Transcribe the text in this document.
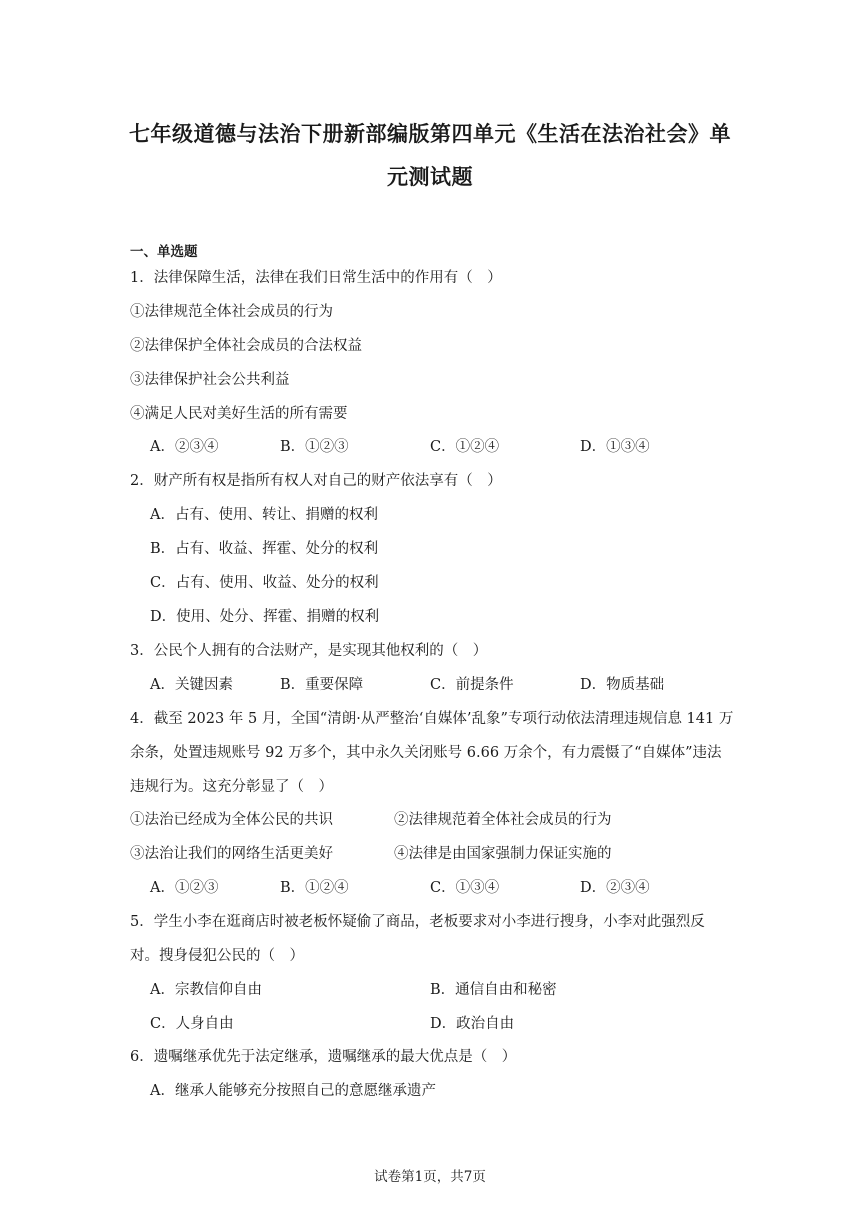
七年级道德与法治下册新部编版第四单元《生活在法治社会》单
元测试题
一、单选题
1．法律保障生活，法律在我们日常生活中的作用有（　）
①法律规范全体社会成员的行为
②法律保护全体社会成员的合法权益
③法律保护社会公共利益
④满足人民对美好生活的所有需要
A．②③④	B．①②③	C．①②④	D．①③④
2．财产所有权是指所有权人对自己的财产依法享有（　）
A．占有、使用、转让、捐赠的权利
B．占有、收益、挥霍、处分的权利
C．占有、使用、收益、处分的权利
D．使用、处分、挥霍、捐赠的权利
3．公民个人拥有的合法财产，是实现其他权利的（　）
A．关键因素	B．重要保障	C．前提条件	D．物质基础
4．截至 2023 年 5 月，全国“清朗·从严整治‘自媒体’乱象”专项行动依法清理违规信息 141 万
余条，处置违规账号 92 万多个，其中永久关闭账号 6.66 万余个，有力震慑了“自媒体”违法
违规行为。这充分彰显了（　）
①法治已经成为全体公民的共识	②法律规范着全体社会成员的行为
③法治让我们的网络生活更美好	④法律是由国家强制力保证实施的
A．①②③	B．①②④	C．①③④	D．②③④
5．学生小李在逛商店时被老板怀疑偷了商品，老板要求对小李进行搜身，小李对此强烈反
对。搜身侵犯公民的（　）
A．宗教信仰自由	B．通信自由和秘密
C．人身自由	D．政治自由
6．遗嘱继承优先于法定继承，遗嘱继承的最大优点是（　）
A．继承人能够充分按照自己的意愿继承遗产
试卷第1页，共7页
